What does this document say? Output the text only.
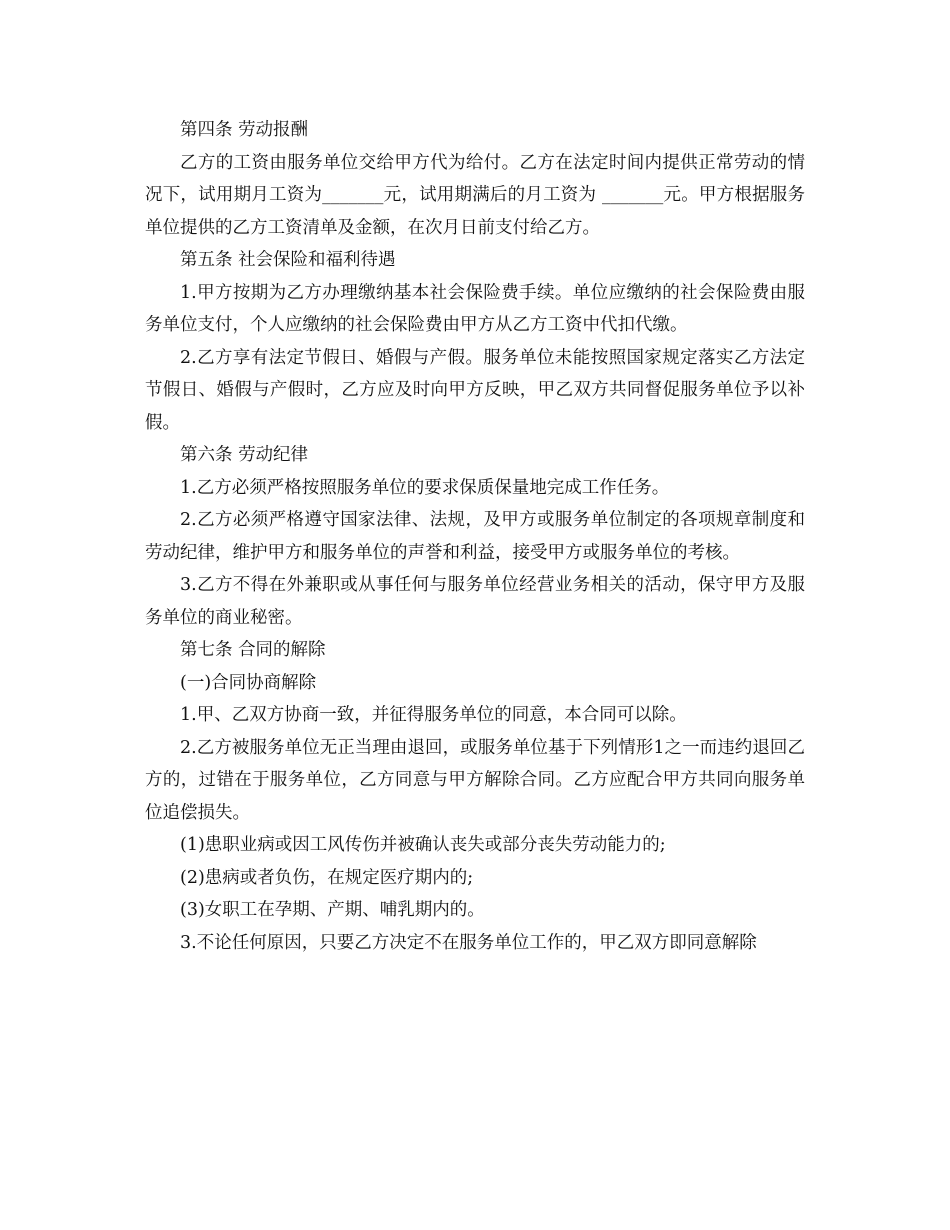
第四条 劳动报酬

乙方的工资由服务单位交给甲方代为给付。乙方在法定时间内提供正常劳动的情况下，试用期月工资为_______元，试用期满后的月工资为 _______元。甲方根据服务单位提供的乙方工资清单及金额，在次月日前支付给乙方。

第五条 社会保险和福利待遇

1.甲方按期为乙方办理缴纳基本社会保险费手续。单位应缴纳的社会保险费由服务单位支付，个人应缴纳的社会保险费由甲方从乙方工资中代扣代缴。

2.乙方享有法定节假日、婚假与产假。服务单位未能按照国家规定落实乙方法定节假日、婚假与产假时，乙方应及时向甲方反映，甲乙双方共同督促服务单位予以补假。

第六条 劳动纪律

1.乙方必须严格按照服务单位的要求保质保量地完成工作任务。

2.乙方必须严格遵守国家法律、法规，及甲方或服务单位制定的各项规章制度和劳动纪律，维护甲方和服务单位的声誉和利益，接受甲方或服务单位的考核。

3.乙方不得在外兼职或从事任何与服务单位经营业务相关的活动，保守甲方及服务单位的商业秘密。

第七条 合同的解除

(一)合同协商解除

1.甲、乙双方协商一致，并征得服务单位的同意，本合同可以除。

2.乙方被服务单位无正当理由退回，或服务单位基于下列情形1之一而违约退回乙方的，过错在于服务单位，乙方同意与甲方解除合同。乙方应配合甲方共同向服务单位追偿损失。

(1)患职业病或因工风传伤并被确认丧失或部分丧失劳动能力的;

(2)患病或者负伤，在规定医疗期内的;

(3)女职工在孕期、产期、哺乳期内的。

3.不论任何原因，只要乙方决定不在服务单位工作的，甲乙双方即同意解除
